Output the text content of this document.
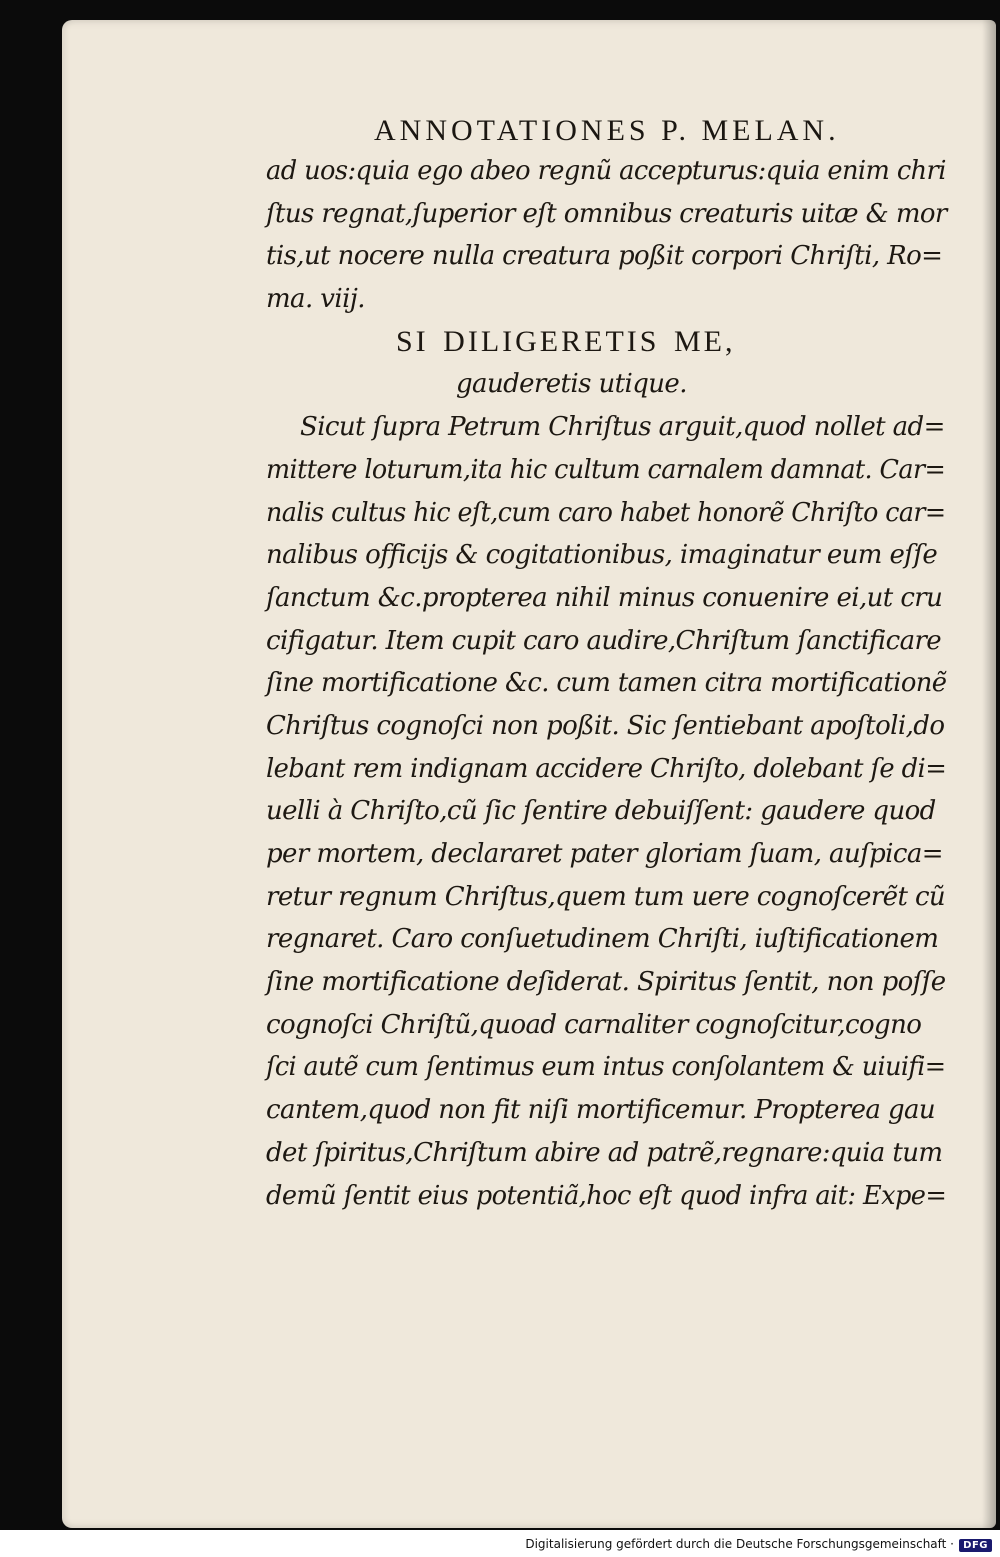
ANNOTATIONES P. MELAN.
ad uos:quia ego abeo regnũ accepturus:quia enim chri
ſtus regnat,ſuperior eſt omnibus creaturis uitæ & mor
tis,ut nocere nulla creatura poßit corpori Chriſti, Ro=
ma. viij.
SI DILIGERETIS ME,
gauderetis utique.
Sicut ſupra Petrum Chriſtus arguit,quod nollet ad=
mittere loturum,ita hic cultum carnalem damnat. Car=
nalis cultus hic eſt,cum caro habet honorẽ Chriſto car=
nalibus officijs & cogitationibus, imaginatur eum eſſe
ſanctum &c.propterea nihil minus conuenire ei,ut cru
cifigatur. Item cupit caro audire,Chriſtum ſanctificare
ſine mortificatione &c. cum tamen citra mortificationẽ
Chriſtus cognoſci non poßit. Sic ſentiebant apoſtoli,do
lebant rem indignam accidere Chriſto, dolebant ſe di=
uelli à Chriſto,cũ ſic ſentire debuiſſent: gaudere quod
per mortem, declararet pater gloriam ſuam, auſpica=
retur regnum Chriſtus,quem tum uere cognoſcerẽt cũ
regnaret. Caro conſuetudinem Chriſti, iuſtificationem
ſine mortificatione deſiderat. Spiritus ſentit, non poſſe
cognoſci Chriſtũ,quoad carnaliter cognoſcitur,cogno
ſci autẽ cum ſentimus eum intus conſolantem & uiuifi=
cantem,quod non fit niſi mortificemur. Propterea gau
det ſpiritus,Chriſtum abire ad patrẽ,regnare:quia tum
demũ ſentit eius potentiã,hoc eſt quod infra ait: Expe=
Digitalisierung gefördert durch die Deutsche Forschungsgemeinschaft · DFG
